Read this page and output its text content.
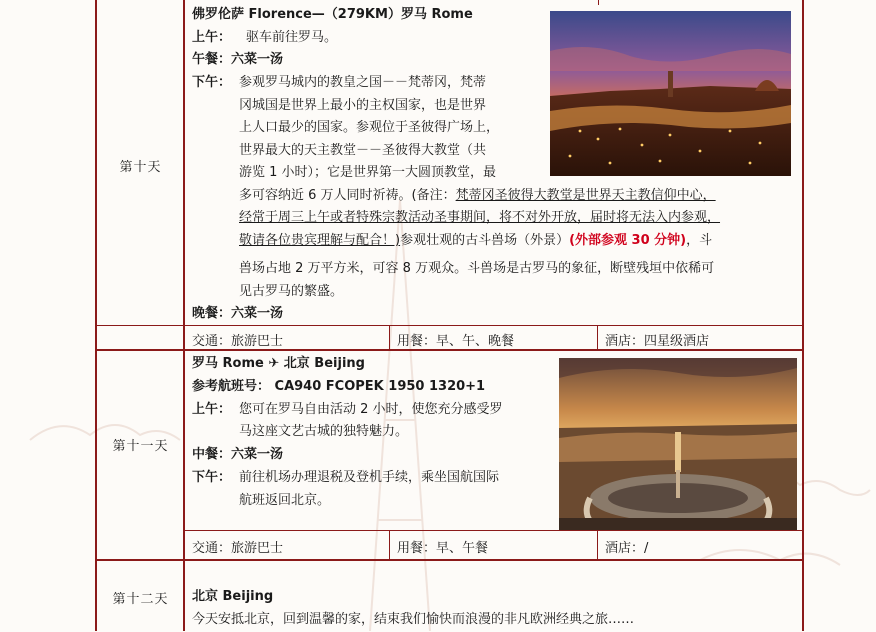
第十天
佛罗伦萨 Florence—（279KM）罗马 Rome
上午： 驱车前往罗马。
午餐：六菜一汤
下午： 参观罗马城内的教皇之国－－梵蒂冈，梵蒂
冈城国是世界上最小的主权国家，也是世界
上人口最少的国家。参观位于圣彼得广场上，
世界最大的天主教堂－－圣彼得大教堂（共
游览 1 小时）；它是世界第一大圆顶教堂，最
多可容纳近 6 万人同时祈祷。(备注：梵蒂冈圣彼得大教堂是世界天主教信仰中心，
经常于周三上午或者特殊宗教活动圣事期间，将不对外开放，届时将无法入内参观，
敬请各位贵宾理解与配合！)参观壮观的古斗兽场（外景）(外部参观 30 分钟)，斗
兽场占地 2 万平方米，可容 8 万观众。斗兽场是古罗马的象征，断壁残垣中依稀可
见古罗马的繁盛。
晚餐：六菜一汤
交通：旅游巴士	用餐：早、午、晚餐	酒店：四星级酒店
第十一天
罗马 Rome ✈ 北京 Beijing
参考航班号： CA940 FCOPEK 1950 1320+1
上午： 您可在罗马自由活动 2 小时，使您充分感受罗
马这座文艺古城的独特魅力。
中餐：六菜一汤
下午： 前往机场办理退税及登机手续，乘坐国航国际
航班返回北京。
交通：旅游巴士	用餐：早、午餐	酒店：/
第十二天	北京 Beijing
今天安抵北京，回到温馨的家，结束我们愉快而浪漫的非凡欧洲经典之旅……
